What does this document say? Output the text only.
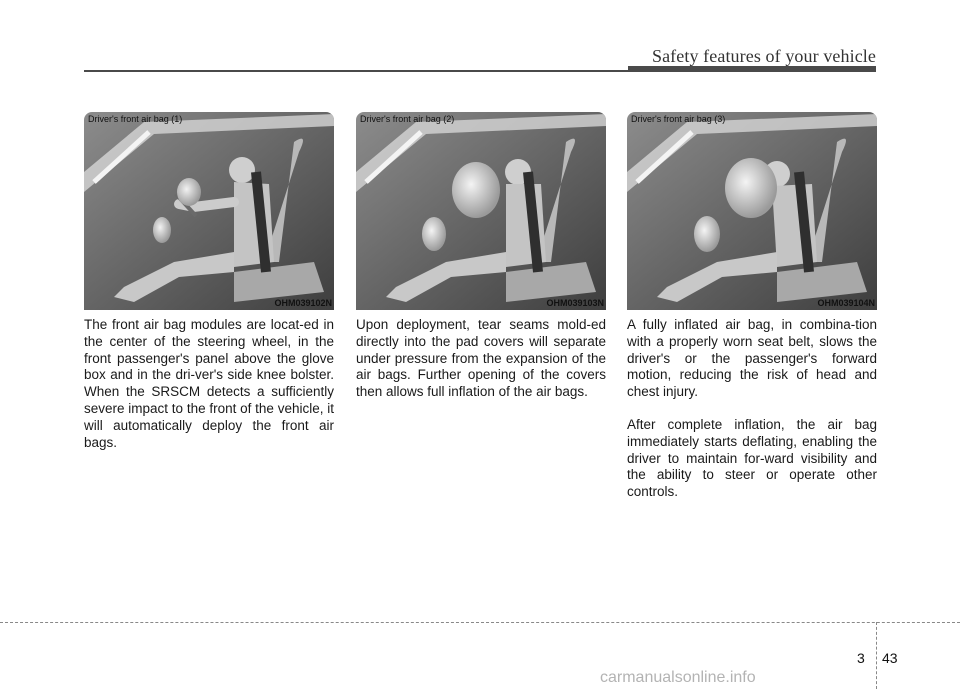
Safety features of your vehicle
Driver's front air bag (1)
OHM039102N
Driver's front air bag (2)
OHM039103N
Driver's front air bag (3)
OHM039104N

The front air bag modules are locat-ed in the center of the steering wheel, in the front passenger's panel above the glove box and in the dri-ver's side knee bolster. When the SRSCM detects a sufficiently severe impact to the front of the vehicle, it will automatically deploy the front air bags.

Upon deployment, tear seams mold-ed directly into the pad covers will separate under pressure from the expansion of the air bags. Further opening of the covers then allows full inflation of the air bags.

A fully inflated air bag, in combina-tion with a properly worn seat belt, slows the driver's or the passenger's forward motion, reducing the risk of head and chest injury.

After complete inflation, the air bag immediately starts deflating, enabling the driver to maintain for-ward visibility and the ability to steer or operate other controls.

3 43
carmanualsonline.info
